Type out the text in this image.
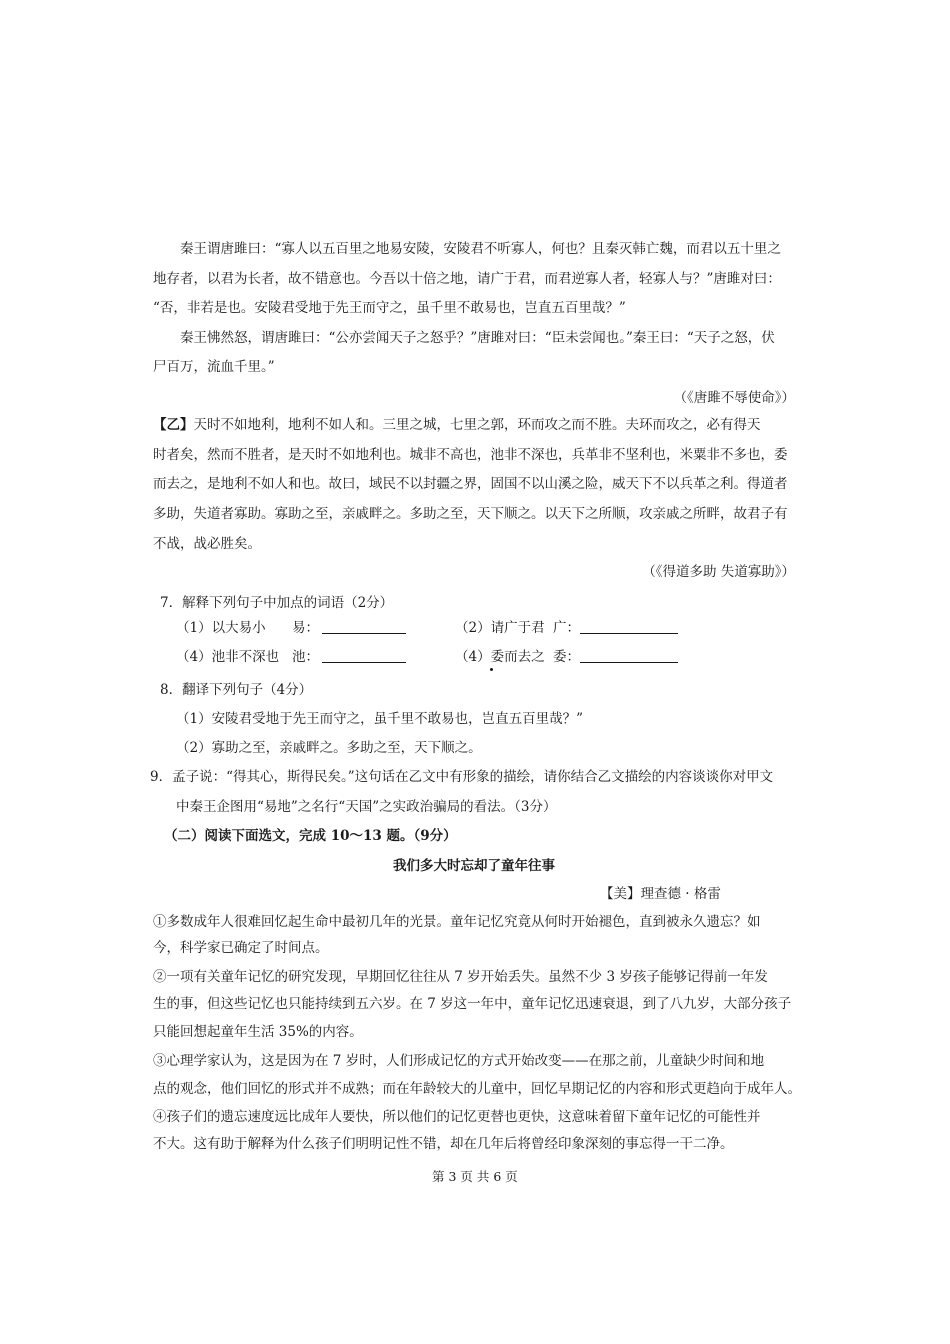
秦王谓唐雎曰：“寡人以五百里之地易安陵，安陵君不听寡人，何也？且秦灭韩亡魏，而君以五十里之
地存者，以君为长者，故不错意也。今吾以十倍之地，请广于君，而君逆寡人者，轻寡人与？”唐雎对曰：
“否，非若是也。安陵君受地于先王而守之，虽千里不敢易也，岂直五百里哉？”
秦王怫然怒，谓唐雎曰：“公亦尝闻天子之怒乎？”唐雎对曰：“臣未尝闻也。”秦王曰：“天子之怒，伏
尸百万，流血千里。”
（《唐雎不辱使命》）
【乙】天时不如地利，地利不如人和。三里之城，七里之郭，环而攻之而不胜。夫环而攻之，必有得天
时者矣，然而不胜者，是天时不如地利也。城非不高也，池非不深也，兵革非不坚利也，米粟非不多也，委
而去之，是地利不如人和也。故曰，域民不以封疆之界，固国不以山溪之险，威天下不以兵革之利。得道者
多助，失道者寡助。寡助之至，亲戚畔之。多助之至，天下顺之。以天下之所顺，攻亲戚之所畔，故君子有
不战，战必胜矣。
（《得道多助 失道寡助》）
7．解释下列句子中加点的词语（2分）
（1）以大易小 易：	（2）请广于君 广：
（4）池非不深也 池：	（4）委而去之 委：
8．翻译下列句子（4分）
（1）安陵君受地于先王而守之，虽千里不敢易也，岂直五百里哉？”
（2）寡助之至，亲戚畔之。多助之至，天下顺之。
9．孟子说：“得其心，斯得民矣。”这句话在乙文中有形象的描绘，请你结合乙文描绘的内容谈谈你对甲文
中秦王企图用“易地”之名行“天国”之实政治骗局的看法。（3分）
（二）阅读下面选文，完成 10～13 题。（9分）
我们多大时忘却了童年往事
【美】理查德 · 格雷
①多数成年人很难回忆起生命中最初几年的光景。童年记忆究竟从何时开始褪色，直到被永久遗忘？如
今，科学家已确定了时间点。
②一项有关童年记忆的研究发现，早期回忆往往从 7 岁开始丢失。虽然不少 3 岁孩子能够记得前一年发
生的事，但这些记忆也只能持续到五六岁。在 7 岁这一年中，童年记忆迅速衰退，到了八九岁，大部分孩子
只能回想起童年生活 35%的内容。
③心理学家认为，这是因为在 7 岁时，人们形成记忆的方式开始改变——在那之前，儿童缺少时间和地
点的观念，他们回忆的形式并不成熟；而在年龄较大的儿童中，回忆早期记忆的内容和形式更趋向于成年人。
④孩子们的遗忘速度远比成年人要快，所以他们的记忆更替也更快，这意味着留下童年记忆的可能性并
不大。这有助于解释为什么孩子们明明记性不错，却在几年后将曾经印象深刻的事忘得一干二净。
第 3 页 共 6 页
